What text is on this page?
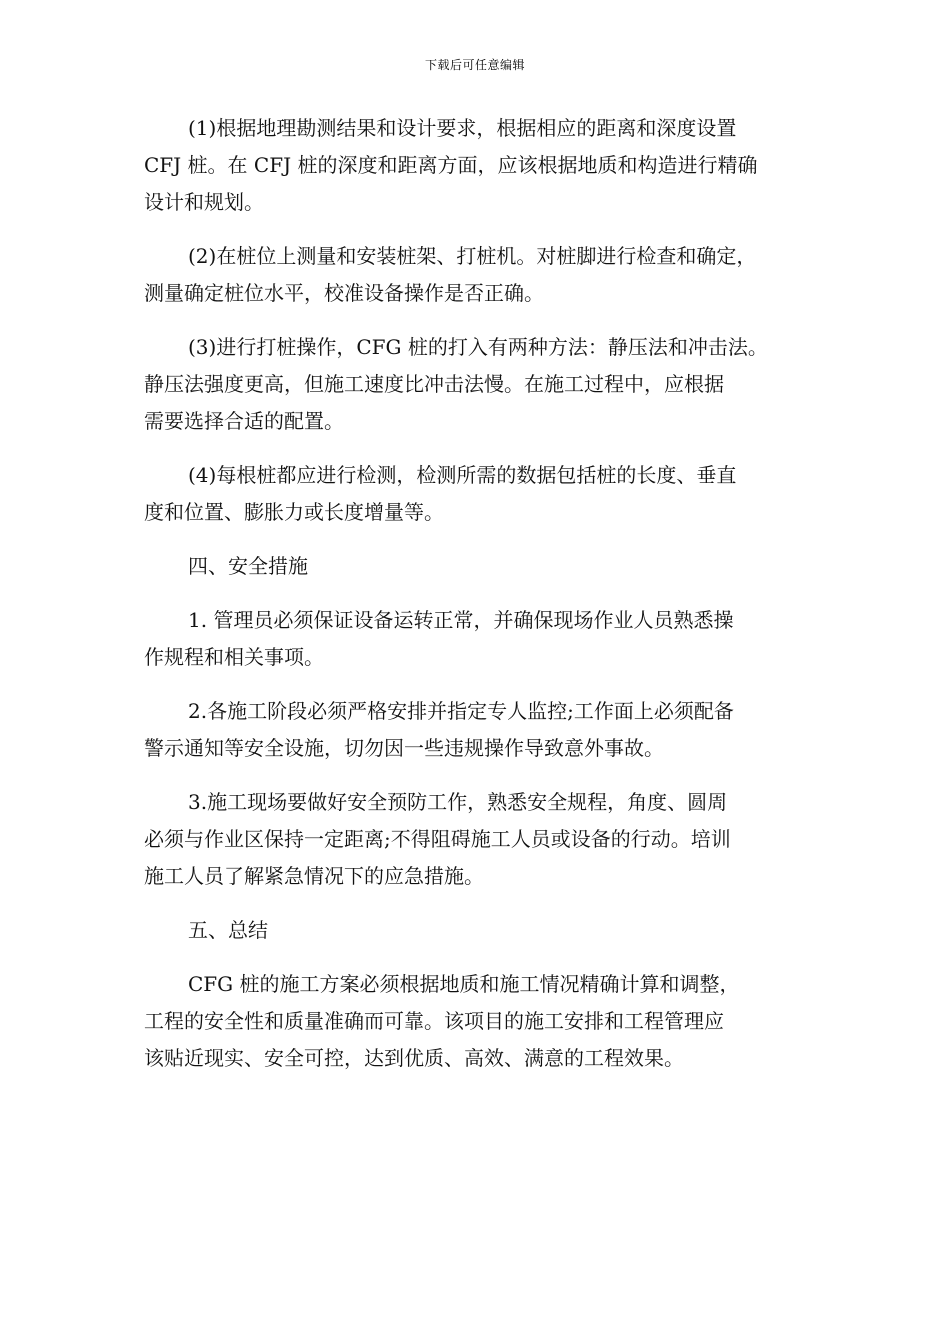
下载后可任意编辑

(1)根据地理勘测结果和设计要求，根据相应的距离和深度设置
CFJ 桩。在 CFJ 桩的深度和距离方面，应该根据地质和构造进行精确
设计和规划。

(2)在桩位上测量和安装桩架、打桩机。对桩脚进行检查和确定，
测量确定桩位水平，校准设备操作是否正确。

(3)进行打桩操作，CFG 桩的打入有两种方法：静压法和冲击法。
静压法强度更高，但施工速度比冲击法慢。在施工过程中，应根据
需要选择合适的配置。

(4)每根桩都应进行检测，检测所需的数据包括桩的长度、垂直
度和位置、膨胀力或长度增量等。

四、安全措施

1. 管理员必须保证设备运转正常，并确保现场作业人员熟悉操
作规程和相关事项。

2.各施工阶段必须严格安排并指定专人监控;工作面上必须配备
警示通知等安全设施，切勿因一些违规操作导致意外事故。

3.施工现场要做好安全预防工作，熟悉安全规程，角度、圆周
必须与作业区保持一定距离;不得阻碍施工人员或设备的行动。培训
施工人员了解紧急情况下的应急措施。

五、总结

CFG 桩的施工方案必须根据地质和施工情况精确计算和调整，
工程的安全性和质量准确而可靠。该项目的施工安排和工程管理应
该贴近现实、安全可控，达到优质、高效、满意的工程效果。
